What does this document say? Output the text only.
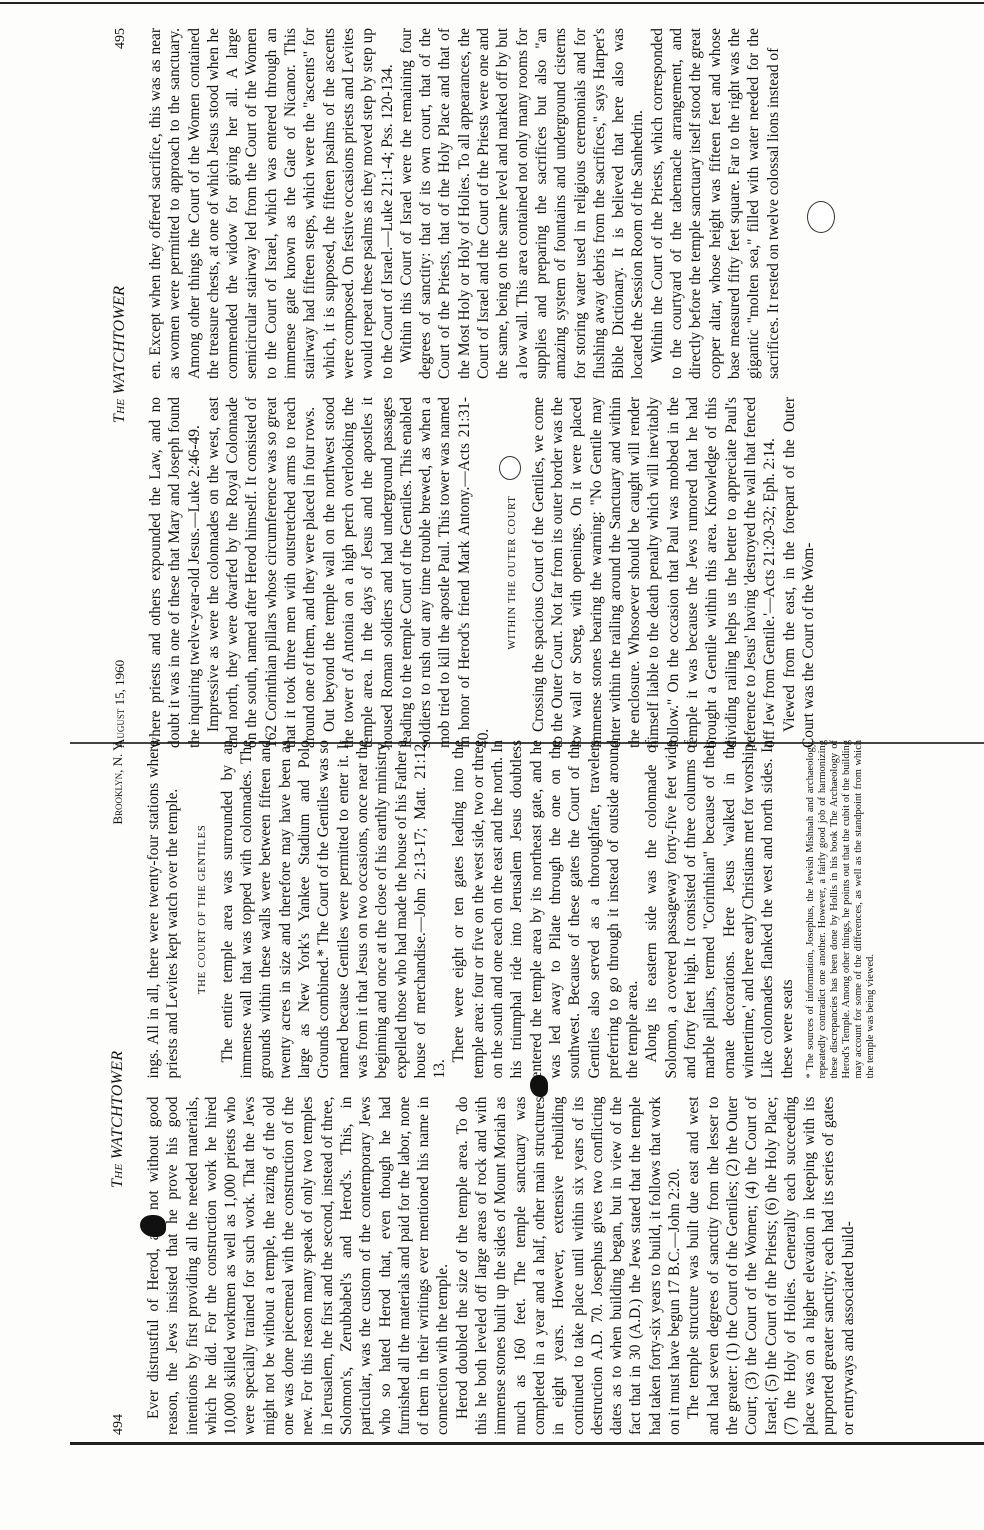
494
The WATCHTOWER
Brooklyn, N. Y.

Ever distrustful of Herod, and not without good reason, the Jews insisted that he prove his good intentions by first providing all the needed materials, which he did. For the construction work he hired 10,000 skilled workmen as well as 1,000 priests who were specially trained for such work. That the Jews might not be without a temple, the razing of the old one was done piecemeal with the construction of the new. For this reason many speak of only two temples in Jerusalem, the first and the second, instead of three, Solomon's, Zerubbabel's and Herod's. This, in particular, was the custom of the contemporary Jews who so hated Herod that, even though he had furnished all the materials and paid for the labor, none of them in their writings ever mentioned his name in connection with the temple. Herod doubled the size of the temple area. To do this he both leveled off large areas of rock and with immense stones built up the sides of Mount Moriah as much as 160 feet. The temple sanctuary was completed in a year and a half, other main structures in eight years. However, extensive rebuilding continued to take place until within six years of its destruction A.D. 70. Josephus gives two conflicting dates as to when building began, but in view of the fact that in 30 (A.D.) the Jews stated that the temple had taken forty-six years to build, it follows that work on it must have begun 17 B.C.—John 2:20. The temple structure was built due east and west and had seven degrees of sanctity from the lesser to the greater: (1) the Court of the Gentiles; (2) the Outer Court; (3) the Court of the Women; (4) the Court of Israel; (5) the Court of the Priests; (6) the Holy Place; (7) the Holy of Holies. Generally each succeeding place was on a higher elevation in keeping with its purported greater sanctity; each had its series of gates or entryways and associated build-

ings. All in all, there were twenty-four stations where priests and Levites kept watch over the temple.	THE COURT OF THE GENTILES The entire temple area was surrounded by an immense wall that was topped with colonnades. The grounds within these walls were between fifteen and twenty acres in size and therefore may have been as large as New York's Yankee Stadium and Polo Grounds combined.* The Court of the Gentiles was so named because Gentiles were permitted to enter it. It was from it that Jesus on two occasions, once near the beginning and once at the close of his earthly ministry, expelled those who had made the house of his Father a house of merchandise.—John 2:13-17; Matt. 21:12, 13.

There were eight or ten gates leading into the temple area: four or five on the west side, two or three on the south and one each on the east and the north. In his triumphal ride into Jerusalem Jesus doubtless entered the temple area by its northeast gate, and he was led away to Pilate through the one on the southwest. Because of these gates the Court of the Gentiles also served as a thoroughfare, travelers preferring to go through it instead of outside around the temple area. Along its eastern side was the colonnade of Solomon, a covered passageway forty-five feet wide and forty feet high. It consisted of three columns of marble pillars, termed "Corinthian" because of their ornate decorations. Here Jesus 'walked in the wintertime,' and here early Christians met for worship. Like colonnades flanked the west and north sides. In these were seats * The sources of information, Josephus, the Jewish Mishnah and archaeology, repeatedly contradict one another. However, a fairly good job of harmonizing these discrepancies has been done by Hollis in his book The Archaeology of Herod's Temple. Among other things, he points out that the cubit of the building may account for some of the differences, as well as the standpoint from which the temple was being viewed.
August 15, 1960
The WATCHTOWER
495

where priests and others expounded the Law, and no doubt it was in one of these that Mary and Joseph found the inquiring twelve-year-old Jesus.—Luke 2:46-49. Impressive as were the colonnades on the west, east and north, they were dwarfed by the Royal Colonnade on the south, named after Herod himself. It consisted of 162 Corinthian pillars whose circumference was so great that it took three men with outstretched arms to reach around one of them, and they were placed in four rows. Out beyond the temple wall on the northwest stood the tower of Antonia on a high perch overlooking the temple area. In the days of Jesus and the apostles it housed Roman soldiers and had underground passages leading to the temple Court of the Gentiles. This enabled soldiers to rush out any time trouble brewed, as when a mob tried to kill the apostle Paul. This tower was named in honor of Herod's friend Mark Antony.—Acts 21:31-40.

WITHIN THE OUTER COURT Crossing the spacious Court of the Gentiles, we come to the Outer Court. Not far from its outer border was the low wall or Soreg, with openings. On it were placed immense stones bearing the warning: "No Gentile may enter within the railing around the Sanctuary and within the enclosure. Whosoever should be caught will render himself liable to the death penalty which will inevitably follow." On the occasion that Paul was mobbed in the temple it was because the Jews rumored that he had brought a Gentile within this area. Knowledge of this dividing railing helps us the better to appreciate Paul's reference to Jesus' having 'destroyed the wall that fenced off Jew from Gentile.'—Acts 21:20-32; Eph. 2:14. Viewed from the east, in the forepart of the Outer Court was the Court of the Wom-

en. Except when they offered sacrifice, this was as near as women were permitted to approach to the sanctuary. Among other things the Court of the Women contained the treasure chests, at one of which Jesus stood when he commended the widow for giving her all. A large semicircular stairway led from the Court of the Women to the Court of Israel, which was entered through an immense gate known as the Gate of Nicanor. This stairway had fifteen steps, which were the "ascents" for which, it is supposed, the fifteen psalms of the ascents were composed. On festive occasions priests and Levites would repeat these psalms as they moved step by step up to the Court of Israel.—Luke 21:1-4; Pss. 120-134. Within this Court of Israel were the remaining four degrees of sanctity: that of its own court, that of the Court of the Priests, that of the Holy Place and that of the Most Holy or Holy of Holies. To all appearances, the Court of Israel and the Court of the Priests were one and the same, being on the same level and marked off by but a low wall. This area contained not only many rooms for supplies and preparing the sacrifices but also "an amazing system of fountains and underground cisterns for storing water used in religious ceremonials and for flushing away debris from the sacrifices," says Harper's Bible Dictionary. It is believed that here also was located the Session Room of the Sanhedrin. Within the Court of the Priests, which corresponded to the courtyard of the tabernacle arrangement, and directly before the temple sanctuary itself stood the great copper altar, whose height was fifteen feet and whose base measured fifty feet square. Far to the right was the gigantic "molten sea," filled with water needed for the sacrifices. It rested on twelve colossal lions instead of
